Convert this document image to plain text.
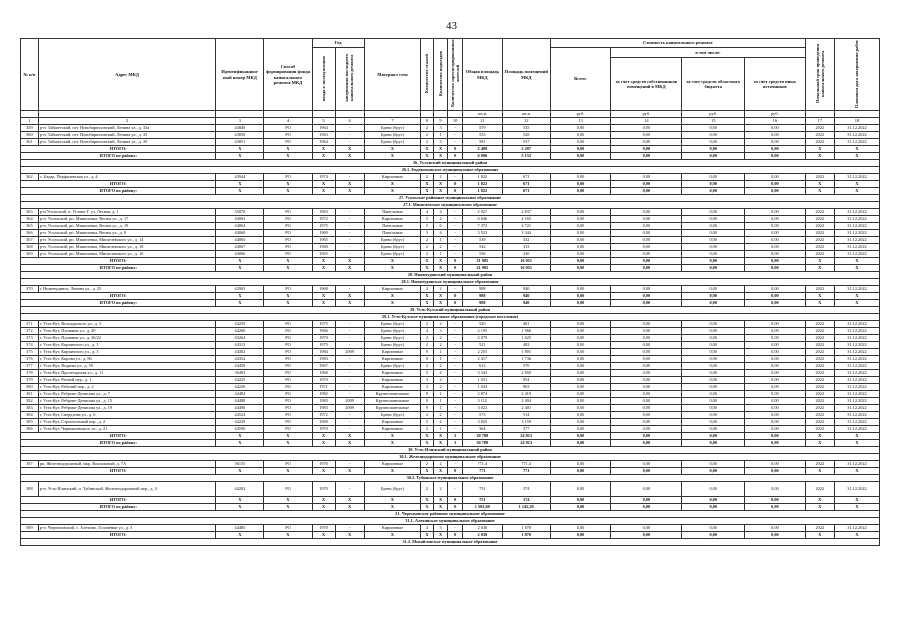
43
№ п/п	Адрес МКД	Идентификацион-ный номер МКД	Способ формирования фонда капитального ремонта МКД	Год		Материал стен	Количество этажей	Количество подъездов	Количество зарегистрированных жителей	Общая площадь МКД	Площадь помещений МКД	Стоимость капитального ремонта				Начальный срок проведения капитального ремонта	Плановая дата завершения работ
				ввода в эксплуатацию	завершения последнего капитального ремонта							Всего:	в том числе:				
													за счет средств собственников помещений в МКД	за счет средств областного бюджета	за счет средств иных источников		
										кв.м	кв.м	руб.	руб.	руб.	руб.		
1	2	3	4	5	6	7	8	9	10	11	12	13	14	15	16	17	18
359	р-н. Тайшетский, пгт. Новобирюсинский, Ленина ул., д. 33а	43849	РО	1964	-	Брево (брус)	2	3	-	579	535	0,00	0,00	0,00	0,00	2022	31.12.2022
360	р-н. Тайшетский, пгт. Новобирюсинский, Ленина ул., д. 35	43850	РО	1963	-	Брево (брус)	2	1	-	553	528	0,00	0,00	0,00	0,00	2022	31.12.2022
361	р-н. Тайшетский, пгт. Новобирюсинский, Ленина ул., д. 39	43851	РО	1964	-	Брево (брус)	2	3	-	581	537	0,00	0,00	0,00	0,00	2022	31.12.2022
ИТОГО:		X	X	X	X	X	X	X	0	2 409	2 207	0,00	0,00	0,00	0,00	X	X
ИТОГО по району:		X	X	X	X	X	X	X	0	6 996	5 152	0,00	0,00	0,00	0,00	X	X
26. Тулунский муниципальный район																	
26.1. Евдокимовское муниципальное образование																	
362	с. Бадар, Перфилевская ул., д. 4	43944	РО	1974	-	Кирпичные	2	2	-	1 822	671	0,00	0,00	0,00	0,00	2022	31.12.2022
ИТОГО:		X	X	X	X	X	X	X	0	1 822	671	0,00	0,00	0,00	0,00	X	X
ИТОГО по району:		X	X	X	X	X	X	X	0	1 822	671	0,00	0,00	0,00	0,00	X	X
27. Усольское районное муниципальное образование																	
27.1. Мишелевское муниципальное образование																	
363	р-н Усольский, п. Углово-Г. ул. Лесная, д. 1	55878	РО	1963	-	Панельные	4	4	-	2 927	2 837	0,00	0,00	0,00	0,00	2022	31.12.2022
364	р-н. Усольский, рп. Мишелевка, Весны ул., д. 17	44063	РО	1972	-	Кирпичные	5	4	-	6 646	4 165	0,00	0,00	0,00	0,00	2022	31.12.2022
365	р-н. Усольский, рп. Мишелевка, Весны ул., д. 19	44064	РО	1975	-	Панельные	5	6	-	7 372	4 721	0,00	0,00	0,00	0,00	2022	31.12.2022
366	р-н. Усольский, рп. Мишелевка, Весны ул., д. 8	44060	РО	1969	-	Панельные	5	4	-	3 523	3 344	0,00	0,00	0,00	0,00	2022	31.12.2022
367	р-н. Усольский, рп. Мишелевка, Мишелевского ул., д. 14	44065	РО	1965	-	Брево (брус)	2	1	-	539	332	0,00	0,00	0,00	0,00	2022	31.12.2022
368	р-н. Усольский, рп. Мишелевка, Мишелевского ул., д. 18	44067	РО	1960	-	Брево (брус)	2	2	-	542	333	0,00	0,00	0,00	0,00	2022	31.12.2022
369	р-н. Усольский, рп. Мишелевка, Мишелевского ул., д. 16	44066	РО	1965	-	Брево (брус)	2	1	-	536	330	0,00	0,00	0,00	0,00	2022	31.12.2022
ИТОГО:		X	X	X	X	X	X	X	0	21 985	16 051	0,00	0,00	0,00	0,00	X	X
ИТОГО по району:		X	X	X	X	X	X	X	0	21 985	16 051	0,00	0,00	0,00	0,00	X	X
28. Нижнеудинский муниципальный район																	
28.1. Нижнеудинское муниципальное образование																	
370	г. Нижнеудинск, Ленина ул., д. 25	42965	РО	1968	-	Кирпичные	3	2	-	988	940	0,00	0,00	0,00	0,00	2022	31.12.2022
ИТОГО:		X	X	X	X	X	X	X	0	988	940	0,00	0,00	0,00	0,00	X	X
ИТОГО по району:		X	X	X	X	X	X	X	0	988	940	0,00	0,00	0,00	0,00	X	X
29. Усть-Кутский муниципальный район																	
29.1. Усть-Кутское муниципальное образование (городское поселение)																	
371	г. Усть-Кут, Володарского ул., д. 5	44259	РО	1975	-	Брево (брус)	2	2	-	520	481	0,00	0,00	0,00	0,00	2022	31.12.2022
372	г. Усть-Кут, Пушкина ул., д. 20	44260	РО	1966	-	Брево (брус)	4	3	-	2 195	1 966	0,00	0,00	0,00	0,00	2022	31.12.2022
373	г. Усть-Кут, Пушкина ул., д. 26/22	43264	РО	1970	-	Брево (брус)	2	2	-	2 079	1 625	0,00	0,00	0,00	0,00	2022	31.12.2022
374	г. Усть-Кут, Кирпичного ул., д. 1	44313	РО	1975	-	Брево (брус)	2	2	-	521	482	0,00	0,00	0,00	0,00	2022	31.12.2022
375	г. Усть-Кут, Кирпичного ул., д. 3	44302	РО	1984	2009	Кирпичные	9	1	-	2 255	1 801	0,00	0,00	0,00	0,00	2022	31.12.2022
376	г. Усть-Кут, Кирова ул., д. 86	44352	РО	1983	-	Кирпичные	9	1	-	2 417	1 736	0,00	0,00	0,00	0,00	2022	31.12.2022
377	г. Усть-Кут, Ведяева ул., д. 59	44459	РО	1967	-	Брево (брус)	2	2	-	612	570	0,00	0,00	0,00	0,00	2022	31.12.2022
378	г. Усть-Кут, Пролетарская ул., д. 11	36493	РО	1968	-	Кирпичные	5	4	-	3 343	2 850	0,00	0,00	0,00	0,00	2022	31.12.2022
379	г. Усть-Кут, Речной пер., д. 1	44225	РО	1970	-	Кирпичные	3	2	-	1 031	954	0,00	0,00	0,00	0,00	2022	31.12.2022
380	г. Усть-Кут, Рабочий пер., д. 2	44226	РО	1971	-	Кирпичные	3	2	-	1 043	963	0,00	0,00	0,00	0,00	2022	31.12.2022
381	г. Усть-Кут, Реброво-Денисова ул., д. 7	44484	РО	1982	-	Крупнопанельные	9	1	-	2 874	2 419	0,00	0,00	0,00	0,00	2022	31.12.2022
382	г. Усть-Кут, Реброво-Денисова ул., д. 15	44488	РО	1983	2009	Крупнопанельные	9	1	-	3 112	2 494	0,00	0,00	0,00	0,00	2022	31.12.2022
383	г. Усть-Кут, Реброво-Денисова ул., д. 19	44490	РО	1983	2009	Крупнопанельные	9	1	-	3 022	2 401	0,00	0,00	0,00	0,00	2022	31.12.2022
384	г. Усть-Кут, Свердлова ул., д. 6	44524	РО	1972	-	Брево (брус)	2	2	-	573	514	0,00	0,00	0,00	0,00	2022	31.12.2022
385	г. Усть-Кут, Строительный пер., д. 2	44229	РО	1968	-	Кирпичные	5	4	-	3 825	3 159	0,00	0,00	0,00	0,00	2022	31.12.2022
386	г. Усть-Кут, Чернышевского ул., д. 21	44590	РО	1970	-	Кирпичные	2	1	-	364	377	0,00	0,00	0,00	0,00	2022	31.12.2022
ИТОГО:		X	X	X	X	X	X	X	3	30 788	24 813	0,00	0,00	0,00	0,00	X	X
ИТОГО по району:		X	X	X	X	X	X	X	3	30 788	24 813	0,00	0,00	0,00	0,00	X	X
30. Усть-Илимский муниципальный район																	
30.1. Железнодорожное муниципальное образование																	
387	рп. Железнодорожный, мкр. Вокзальный, д. 7А	56155	РО	1976	-	Кирпичные	2	2	-	771,4	771,4	0,00	0,00	0,00	0,00	2022	31.12.2022
ИТОГО:		X	X	X	X	X	X	X	0	771	771	0,00	0,00	0,00	0,00	X	X
30.2. Тубинское муниципальное образование																	
388	р-н. Усть-Илимский, п. Тубинский, Железнодорожный пер., д. 4	44202	РО	1970	-	Брево (брус)	2	2	-	751	374	0,00	0,00	0,00	0,00	2022	31.12.2022
ИТОГО:		X	X	X	X	X	X	X	0	751	374	0,00	0,00	0,00	0,00	X	X
ИТОГО по району:		X	X	X	X	X	X	X	0	1 502,60	1 145,20	0,00	0,00	0,00	0,00	X	X
31. Черемховское районное муниципальное образование																	
31.1. Алехинское муниципальное образование																	
389	р-н. Черемховский, с. Алехино, Головёнки ул., д. 3	44485	РО	1970	-	Кирпичные	4	3	-	2 030	1 870	0,00	0,00	0,00	0,00	2022	31.12.2022
ИТОГО:		X	X	X	X	X	X	X	0	2 030	1 870	0,00	0,00	0,00	0,00	X	X
31.2. Михайловское муниципальное образование																	
